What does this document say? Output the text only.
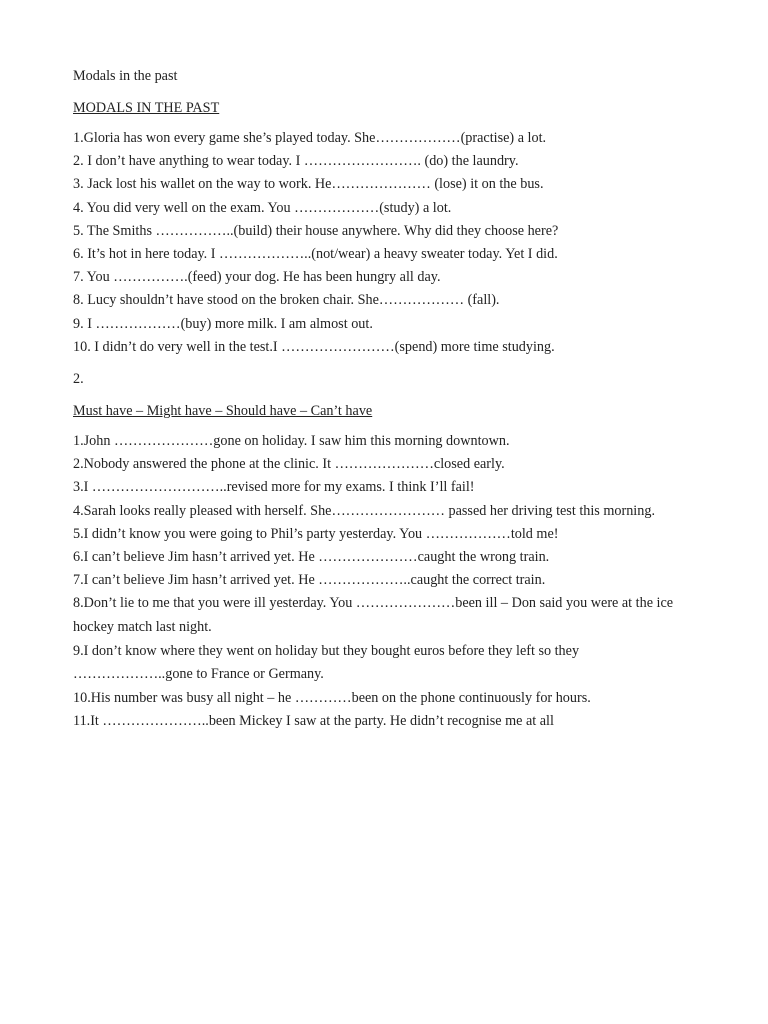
Modals in the past

MODALS IN THE PAST

1.Gloria has won every game she’s played today. She………………(practise) a lot.
2. I don’t have anything to wear today. I ……………………. (do) the laundry.
3. Jack lost his wallet on the way to work. He………………… (lose) it on the bus.
4. You did very well on the exam. You ………………(study) a lot.
5. The Smiths ……………..(build) their house anywhere. Why did they choose here?
6. It’s hot in here today. I ………………..(not/wear) a heavy sweater today. Yet I did.
7. You …………….(feed) your dog. He has been hungry all day.
8. Lucy shouldn’t have stood on the broken chair. She……………… (fall).
9. I ………………(buy) more milk. I am almost out.
10. I didn’t do very well in the test.I ……………………(spend) more time studying.

2.

Must have – Might have – Should have – Can’t have

1.John …………………gone on holiday. I saw him this morning downtown.
2.Nobody answered the phone at the clinic. It …………………closed early.
3.I ………………………..revised more for my exams. I think I’ll fail!
4.Sarah looks really pleased with herself. She…………………… passed her driving test this morning.
5.I didn’t know you were going to Phil’s party yesterday. You ………………told me!
6.I can’t believe Jim hasn’t arrived yet. He …………………caught the wrong train.
7.I can’t believe Jim hasn’t arrived yet. He ………………..caught the correct train.
8.Don’t lie to me that you were ill yesterday. You …………………been ill – Don said you were at the ice hockey match last night.
9.I don’t know where they went on holiday but they bought euros before they left so they ………………..gone to France or Germany.
10.His number was busy all night – he …………been on the phone continuously for hours.
11.It …………………..been Mickey I saw at the party. He didn’t recognise me at all
